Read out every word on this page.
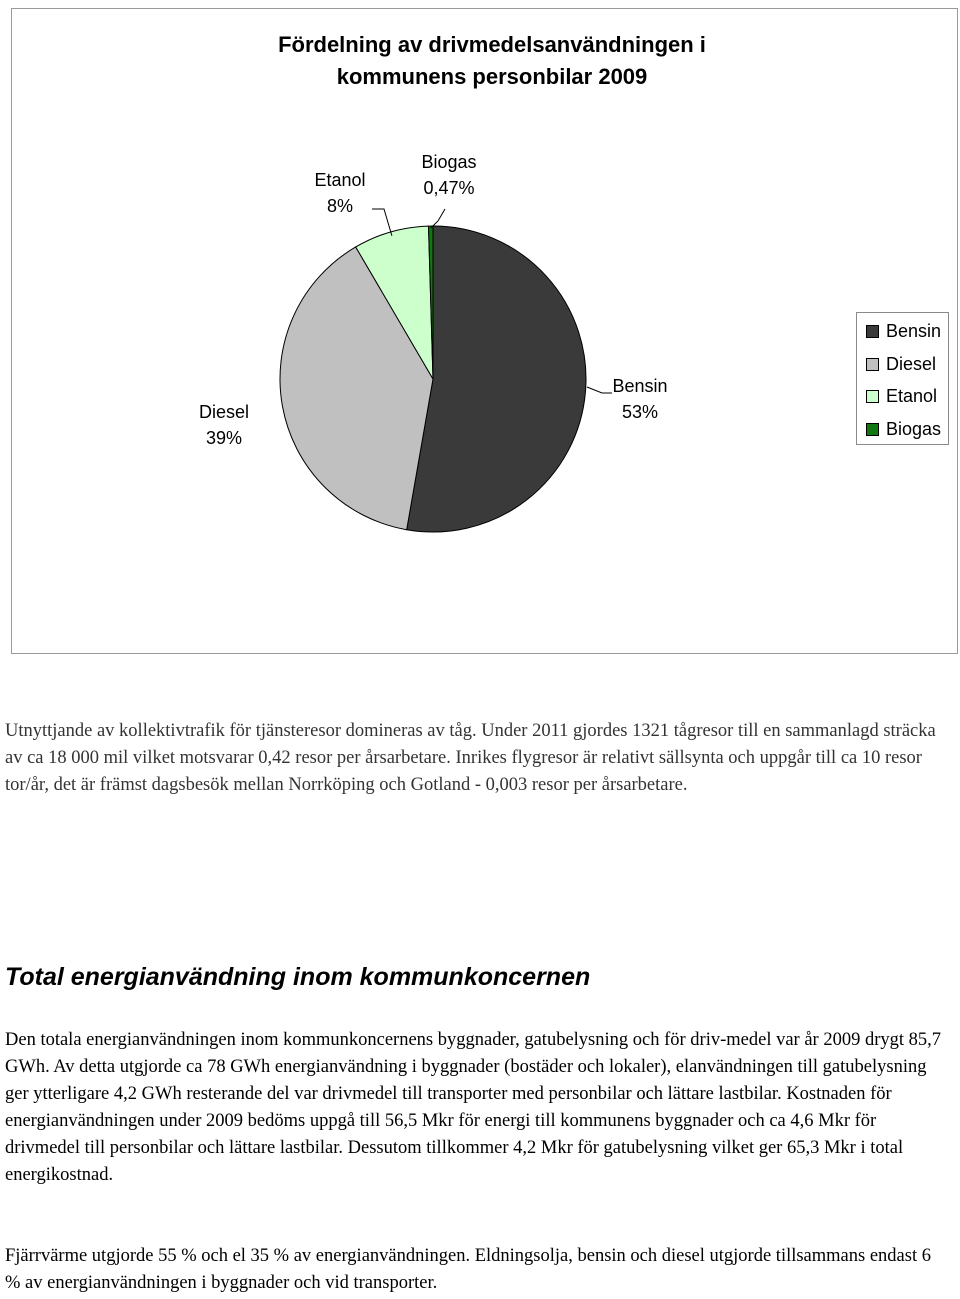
Fördelning av drivmedelsanvändningen i
kommunens personbilar 2009
Etanol
8%
Biogas
0,47%
Bensin
53%
Diesel
39%
Bensin
Diesel
Etanol
Biogas
Utnyttjande av kollektivtrafik för tjänsteresor domineras av tåg. Under 2011 gjordes 1321 tågresor till en sammanlagd sträcka av ca 18 000 mil vilket motsvarar 0,42 resor per årsarbetare. Inrikes flygresor är relativt sällsynta och uppgår till ca 10 resor tor/år, det är främst dagsbesök mellan Norrköping och Gotland - 0,003 resor per årsarbetare.
Total energianvändning inom kommunkoncernen
Den totala energianvändningen inom kommunkoncernens byggnader, gatubelysning och för driv-medel var år 2009 drygt 85,7 GWh. Av detta utgjorde ca 78 GWh energianvändning i byggnader (bostäder och lokaler), elanvändningen till gatubelysning ger ytterligare 4,2 GWh resterande del var drivmedel till transporter med personbilar och lättare lastbilar. Kostnaden för energianvändningen under 2009 bedöms uppgå till 56,5 Mkr för energi till kommunens byggnader och ca 4,6 Mkr för drivmedel till personbilar och lättare lastbilar. Dessutom tillkommer 4,2 Mkr för gatubelysning vilket ger 65,3 Mkr i total energikostnad.
Fjärrvärme utgjorde 55 % och el 35 % av energianvändningen. Eldningsolja, bensin och diesel utgjorde tillsammans endast 6 % av energianvändningen i byggnader och vid transporter.
